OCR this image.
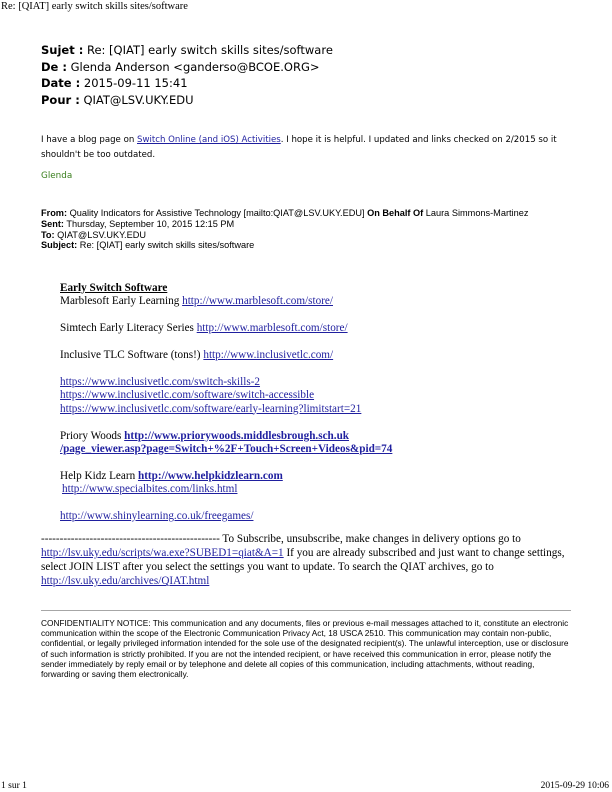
Re: [QIAT] early switch skills sites/software
Sujet : Re: [QIAT] early switch skills sites/software
De : Glenda Anderson <ganderso@BCOE.ORG>
Date : 2015-09-11 15:41
Pour : QIAT@LSV.UKY.EDU
I have a blog page on Switch Online (and iOS) Activities. I hope it is helpful. I updated and links checked on 2/2015 so it shouldn't be too outdated.
Glenda
From: Quality Indicators for Assistive Technology [mailto:QIAT@LSV.UKY.EDU] On Behalf Of Laura Simmons-Martinez
Sent: Thursday, September 10, 2015 12:15 PM
To: QIAT@LSV.UKY.EDU
Subject: Re: [QIAT] early switch skills sites/software
Early Switch Software
Marblesoft Early Learning http://www.marblesoft.com/store/
Simtech Early Literacy Series http://www.marblesoft.com/store/
Inclusive TLC Software (tons!) http://www.inclusivetlc.com/
https://www.inclusivetlc.com/switch-skills-2
https://www.inclusivetlc.com/software/switch-accessible
https://www.inclusivetlc.com/software/early-learning?limitstart=21
Priory Woods http://www.priorywoods.middlesbrough.sch.uk
/page_viewer.asp?page=Switch+%2F+Touch+Screen+Videos&pid=74
Help Kidz Learn http://www.helpkidzlearn.com
http://www.specialbites.com/links.html
http://www.shinylearning.co.uk/freegames/
------------------------------------------------ To Subscribe, unsubscribe, make changes in delivery options go to http://lsv.uky.edu/scripts/wa.exe?SUBED1=qiat&A=1 If you are already subscribed and just want to change settings, select JOIN LIST after you select the settings you want to update. To search the QIAT archives, go to http://lsv.uky.edu/archives/QIAT.html
CONFIDENTIALITY NOTICE: This communication and any documents, files or previous e-mail messages attached to it, constitute an electronic communication within the scope of the Electronic Communication Privacy Act, 18 USCA 2510. This communication may contain non-public, confidential, or legally privileged information intended for the sole use of the designated recipient(s). The unlawful interception, use or disclosure of such information is strictly prohibited. If you are not the intended recipient, or have received this communication in error, please notify the sender immediately by reply email or by telephone and delete all copies of this communication, including attachments, without reading, forwarding or saving them electronically.
1 sur 1	2015-09-29 10:06
